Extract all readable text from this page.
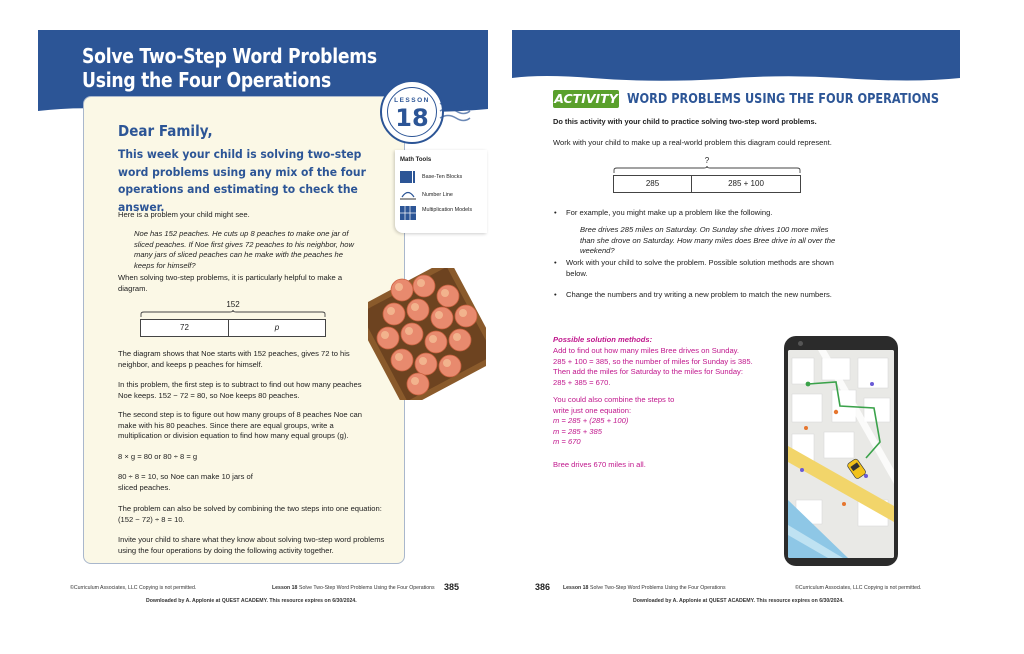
Solve Two-Step Word Problems
Using the Four Operations
Math Tools
Base-Ten Blocks
Number Line
Multiplication Models
LESSON
18
Dear Family,
This week your child is solving two-step word problems using any mix of the four operations and estimating to check the answer.
Here is a problem your child might see.
Noe has 152 peaches. He cuts up 8 peaches to make one jar of sliced peaches. If Noe first gives 72 peaches to his neighbor, how many jars of sliced peaches can he make with the peaches he keeps for himself?
When solving two-step problems, it is particularly helpful to make a diagram.
152
72	p
The diagram shows that Noe starts with 152 peaches, gives 72 to his neighbor, and keeps p peaches for himself.
In this problem, the first step is to subtract to find out how many peaches Noe keeps. 152 − 72 = 80, so Noe keeps 80 peaches.
The second step is to figure out how many groups of 8 peaches Noe can make with his 80 peaches. Since there are equal groups, write a multiplication or division equation to find how many equal groups (g).
8 × g = 80 or 80 ÷ 8 = g
80 ÷ 8 = 10, so Noe can make 10 jars of sliced peaches.
The problem can also be solved by combining the two steps into one equation: (152 − 72) ÷ 8 = 10.
Invite your child to share what they know about solving two-step word problems using the four operations by doing the following activity together.
©Curriculum Associates, LLC Copying is not permitted.	Lesson 18 Solve Two-Step Word Problems Using the Four Operations 385
Downloaded by A. Applonie at QUEST ACADEMY. This resource expires on 6/30/2024.
ACTIVITY WORD PROBLEMS USING THE FOUR OPERATIONS
Do this activity with your child to practice solving two-step word problems.
Work with your child to make up a real-world problem this diagram could represent.
?
285	285 + 100
• For example, you might make up a problem like the following.
Bree drives 285 miles on Saturday. On Sunday she drives 100 more miles than she drove on Saturday. How many miles does Bree drive in all over the weekend?
• Work with your child to solve the problem. Possible solution methods are shown below.
• Change the numbers and try writing a new problem to match the new numbers.
Possible solution methods:
Add to find out how many miles Bree drives on Sunday.
285 + 100 = 385, so the number of miles for Sunday is 385.
Then add the miles for Saturday to the miles for Sunday:
285 + 385 = 670.
You could also combine the steps to
write just one equation:
m = 285 + (285 + 100)
m = 285 + 385
m = 670
Bree drives 670 miles in all.
386 Lesson 18 Solve Two-Step Word Problems Using the Four Operations	©Curriculum Associates, LLC Copying is not permitted.
Downloaded by A. Applonie at QUEST ACADEMY. This resource expires on 6/30/2024.
